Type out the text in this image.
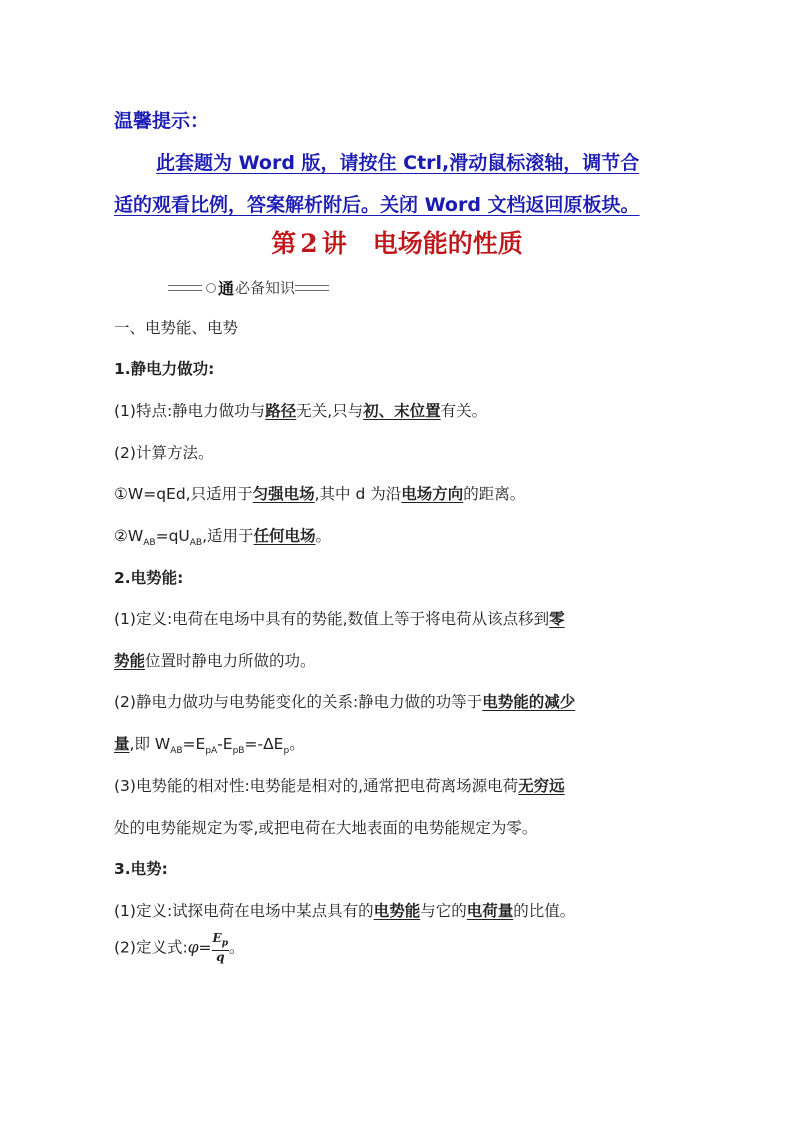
温馨提示：

此套题为 Word 版，请按住 Ctrl,滑动鼠标滚轴，调节合

适的观看比例，答案解析附后。关闭 Word 文档返回原板块。

第 2 讲 电场能的性质
通 必备知识

一、电势能、电势

1.静电力做功:

(1)特点:静电力做功与路径无关,只与初、末位置有关。

(2)计算方法。

①W=qEd,只适用于匀强电场,其中 d 为沿电场方向的距离。

$②W_{AB}=qU_{AB}$,适用于任何电场。

2.电势能:

(1)定义:电荷在电场中具有的势能,数值上等于将电荷从该点移到零

势能位置时静电力所做的功。

(2)静电力做功与电势能变化的关系:静电力做的功等于电势能的减少

量,即 $W_{AB}=E_{pA}-E_{pB}=-\Delta E_p$。

(3)电势能的相对性:电势能是相对的,通常把电荷离场源电荷无穷远

处的电势能规定为零,或把电荷在大地表面的电势能规定为零。

3.电势:

(1)定义:试探电荷在电场中某点具有的电势能与它的电荷量的比值。

(2)定义式:φ= $\frac{E_p}{q}$ 。
